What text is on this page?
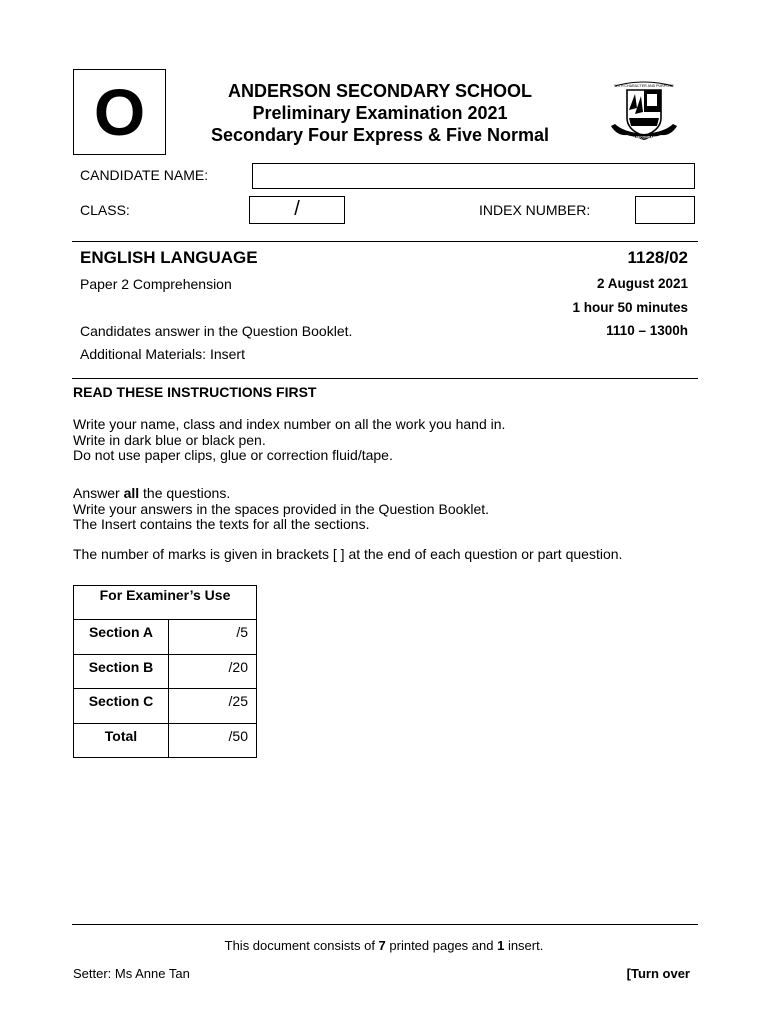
O	ANDERSON SECONDARY SCHOOL
Preliminary Examination 2021
Secondary Four Express & Five Normal
WITH CHARACTER AND PURPOSE
ANDERSON SECONDARY SCHOOL
CANDIDATE NAME:
CLASS:	/	INDEX NUMBER:
ENGLISH LANGUAGE	1128/02
Paper 2 Comprehension	2 August 2021
1 hour 50 minutes
Candidates answer in the Question Booklet.	1110 – 1300h
Additional Materials: Insert
READ THESE INSTRUCTIONS FIRST
Write your name, class and index number on all the work you hand in.
Write in dark blue or black pen.
Do not use paper clips, glue or correction fluid/tape.
Answer all the questions.
Write your answers in the spaces provided in the Question Booklet.
The Insert contains the texts for all the sections.
The number of marks is given in brackets [ ] at the end of each question or part question.
For Examiner’s Use	
Section A	/5
Section B	/20
Section C	/25
Total	/50
This document consists of 7 printed pages and 1 insert.
Setter: Ms Anne Tan	[Turn over
